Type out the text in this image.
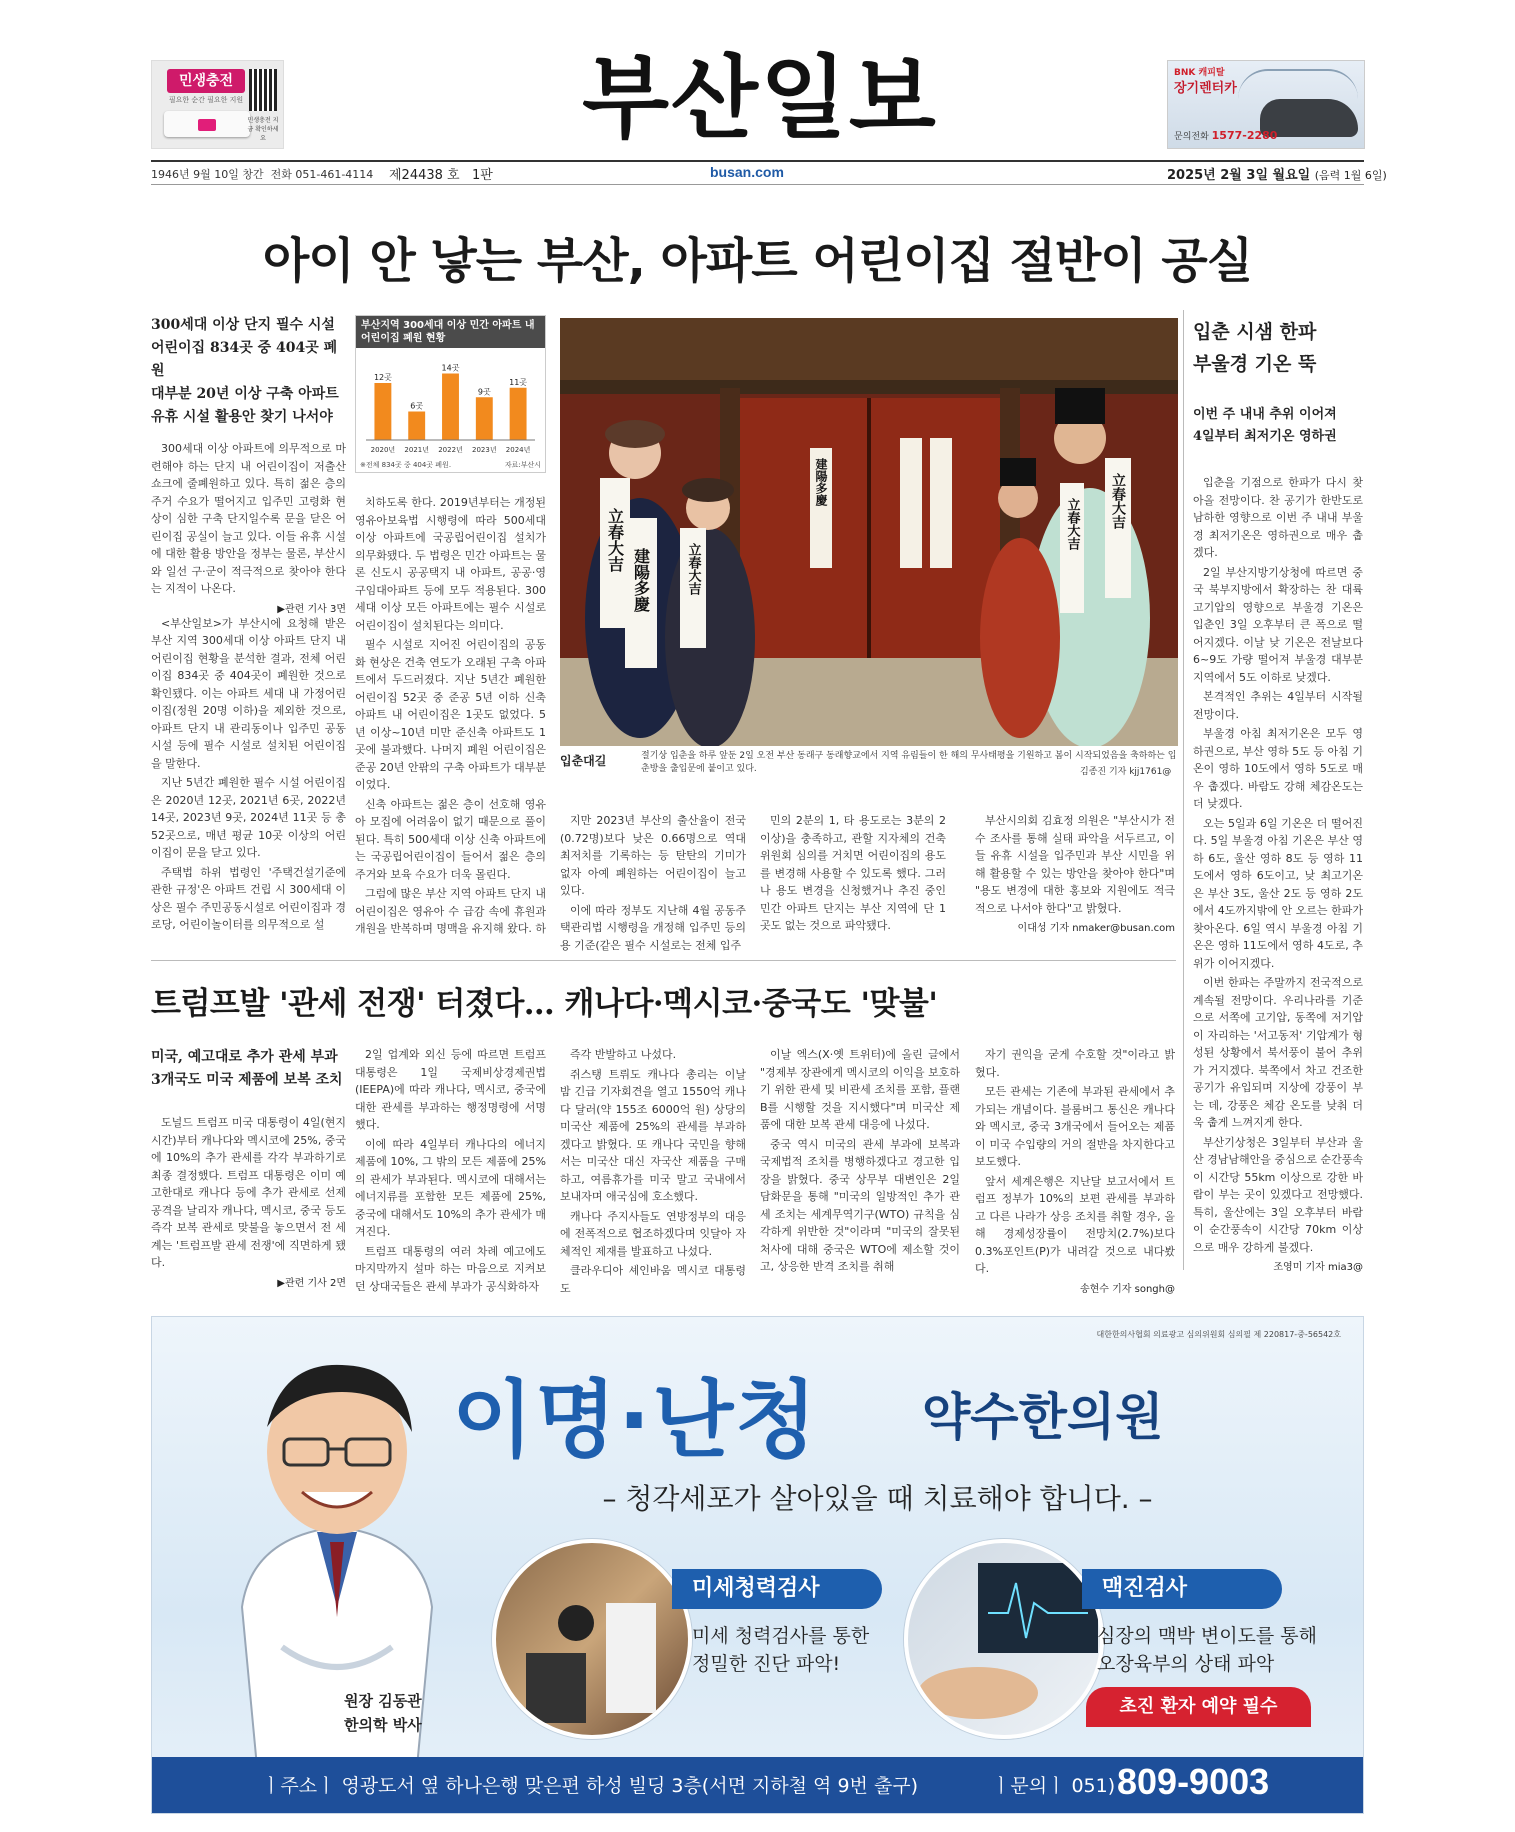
민생충전
필요한 순간 필요한 지원
민생충전 지금 확인하세요	부산일보	BNK 캐피탈
장기렌터카
문의전화 1577-2280
1946년 9월 10일 창간 전화 051-461-4114 제24438 호 1판	busan.com	2025년 2월 3일 월요일 (음력 1월 6일)
아이 안 낳는 부산, 아파트 어린이집 절반이 공실
300세대 이상 단지 필수 시설
어린이집 834곳 중 404곳 폐원
대부분 20년 이상 구축 아파트
유휴 시설 활용안 찾기 나서야
부산지역 300세대 이상 민간 아파트 내 어린이집 폐원 현황
12곳
2020년
6곳
2021년
14곳
2022년
9곳
2023년
11곳
2024년
※전체 834곳 중 404곳 폐원.	자료:부산시

300세대 이상 아파트에 의무적으로 마련해야 하는 단지 내 어린이집이 저출산 쇼크에 줄폐원하고 있다. 특히 젊은 층의 주거 수요가 떨어지고 입주민 고령화 현상이 심한 구축 단지일수록 문을 닫은 어린이집 공실이 늘고 있다. 이들 유휴 시설에 대한 활용 방안을 정부는 물론, 부산시와 일선 구·군이 적극적으로 찾아야 한다는 지적이 나온다.

▶관련 기사 3면

<부산일보>가 부산시에 요청해 받은 부산 지역 300세대 이상 아파트 단지 내 어린이집 현황을 분석한 결과, 전체 어린이집 834곳 중 404곳이 폐원한 것으로 확인됐다. 이는 아파트 세대 내 가정어린이집(정원 20명 이하)을 제외한 것으로, 아파트 단지 내 관리동이나 입주민 공동시설 등에 필수 시설로 설치된 어린이집을 말한다.

지난 5년간 폐원한 필수 시설 어린이집은 2020년 12곳, 2021년 6곳, 2022년 14곳, 2023년 9곳, 2024년 11곳 등 총 52곳으로, 매년 평균 10곳 이상의 어린이집이 문을 닫고 있다.

주택법 하위 법령인 '주택건설기준에 관한 규정'은 아파트 건립 시 300세대 이상은 필수 주민공동시설로 어린이집과 경로당, 어린이놀이터를 의무적으로 설

치하도록 한다. 2019년부터는 개정된 영유아보육법 시행령에 따라 500세대 이상 아파트에 국공립어린이집 설치가 의무화됐다. 두 법령은 민간 아파트는 물론 신도시 공공택지 내 아파트, 공공·영구임대아파트 등에 모두 적용된다. 300세대 이상 모든 아파트에는 필수 시설로 어린이집이 설치된다는 의미다.

필수 시설로 지어진 어린이집의 공동화 현상은 건축 연도가 오래된 구축 아파트에서 두드러졌다. 지난 5년간 폐원한 어린이집 52곳 중 준공 5년 이하 신축 아파트 내 어린이집은 1곳도 없었다. 5년 이상~10년 미만 준신축 아파트도 1곳에 불과했다. 나머지 폐원 어린이집은 준공 20년 안팎의 구축 아파트가 대부분이었다.

신축 아파트는 젊은 층이 선호해 영유아 모집에 어려움이 없기 때문으로 풀이된다. 특히 500세대 이상 신축 아파트에는 국공립어린이집이 들어서 젊은 층의 주거와 보육 수요가 더욱 몰린다.

그럼에 많은 부산 지역 아파트 단지 내 어린이집은 영유아 수 급감 속에 휴원과 개원을 반복하며 명맥을 유지해 왔다. 하

立春大吉
建陽多慶	立春大吉
建陽多慶
立春大吉 立春大吉
입춘대길	절기상 입춘을 하루 앞둔 2일 오전 부산 동래구 동래향교에서 지역 유림들이 한 해의 무사태평을 기원하고 봄이 시작되었음을 축하하는 입춘방을 출입문에 붙이고 있다.	김종진 기자 kjj1761@

지만 2023년 부산의 출산율이 전국(0.72명)보다 낮은 0.66명으로 역대 최저치를 기록하는 등 탄탄의 기미가 없자 아예 폐원하는 어린이집이 늘고 있다.

이에 따라 정부도 지난해 4월 공동주택관리법 시행령을 개정해 입주민 등의 용 기준(같은 필수 시설로는 전체 입주

민의 2분의 1, 타 용도로는 3분의 2 이상)을 충족하고, 관할 지자체의 건축위원회 심의를 거치면 어린이집의 용도를 변경해 사용할 수 있도록 했다. 그러나 용도 변경을 신청했거나 추진 중인 민간 아파트 단지는 부산 지역에 단 1곳도 없는 것으로 파악됐다.

부산시의회 김효정 의원은 "부산시가 전수 조사를 통해 실태 파악을 서두르고, 이들 유휴 시설을 입주민과 부산 시민을 위해 활용할 수 있는 방안을 찾아야 한다"며 "용도 변경에 대한 홍보와 지원에도 적극적으로 나서야 한다"고 밝혔다.

이대성 기자 nmaker@busan.com
입춘 시샘 한파
부울경 기온 뚝
이번 주 내내 추위 이어져
4일부터 최저기온 영하권

입춘을 기점으로 한파가 다시 찾아올 전망이다. 찬 공기가 한반도로 남하한 영향으로 이번 주 내내 부울경 최저기온은 영하권으로 매우 춥겠다.

2일 부산지방기상청에 따르면 중국 북부지방에서 확장하는 찬 대륙고기압의 영향으로 부울경 기온은 입춘인 3일 오후부터 큰 폭으로 떨어지겠다. 이날 낮 기온은 전날보다 6~9도 가량 떨어져 부울경 대부분 지역에서 5도 이하로 낮겠다.

본격적인 추위는 4일부터 시작될 전망이다.

부울경 아침 최저기온은 모두 영하권으로, 부산 영하 5도 등 아침 기온이 영하 10도에서 영하 5도로 매우 춥겠다. 바람도 강해 체감온도는 더 낮겠다.

오는 5일과 6일 기온은 더 떨어진다. 5일 부울경 아침 기온은 부산 영하 6도, 울산 영하 8도 등 영하 11도에서 영하 6도이고, 낮 최고기온은 부산 3도, 울산 2도 등 영하 2도에서 4도까지밖에 안 오르는 한파가 찾아온다. 6일 역시 부울경 아침 기온은 영하 11도에서 영하 4도로, 추위가 이어지겠다.

이번 한파는 주말까지 전국적으로 계속될 전망이다. 우리나라를 기준으로 서쪽에 고기압, 동쪽에 저기압이 자리하는 '서고동저' 기압계가 형성된 상황에서 북서풍이 불어 추위가 거지겠다. 북쪽에서 차고 건조한 공기가 유입되며 지상에 강풍이 부는 데, 강풍은 체감 온도를 낮춰 더욱 춥게 느껴지게 한다.

부산기상청은 3일부터 부산과 울산 경남남해안을 중심으로 순간풍속이 시간당 55km 이상으로 강한 바람이 부는 곳이 있겠다고 전망했다. 특히, 울산에는 3일 오후부터 바람이 순간풍속이 시간당 70km 이상으로 매우 강하게 불겠다.

조영미 기자 mia3@
트럼프발 '관세 전쟁' 터졌다… 캐나다·멕시코·중국도 '맞불'
미국, 예고대로 추가 관세 부과
3개국도 미국 제품에 보복 조치

도널드 트럼프 미국 대통령이 4일(현지 시간)부터 캐나다와 멕시코에 25%, 중국에 10%의 추가 관세를 각각 부과하기로 최종 결정했다. 트럼프 대통령은 이미 예고한대로 캐나다 등에 추가 관세로 선제 공격을 날리자 캐나다, 멕시코, 중국 등도 즉각 보복 관세로 맞불을 놓으면서 전 세계는 '트럼프발 관세 전쟁'에 직면하게 됐다.

▶관련 기사 2면

2일 업계와 외신 등에 따르면 트럼프 대통령은 1일 국제비상경제권법(IEEPA)에 따라 캐나다, 멕시코, 중국에 대한 관세를 부과하는 행정명령에 서명했다.

이에 따라 4일부터 캐나다의 에너지 제품에 10%, 그 밖의 모든 제품에 25%의 관세가 부과된다. 멕시코에 대해서는 에너지류를 포함한 모든 제품에 25%, 중국에 대해서도 10%의 추가 관세가 매겨진다.

트럼프 대통령의 여러 차례 예고에도 마지막까지 설마 하는 마음으로 지켜보던 상대국들은 관세 부과가 공식화하자

즉각 반발하고 나섰다.

쥐스탱 트뤼도 캐나다 총리는 이날 밤 긴급 기자회견을 열고 1550억 캐나다 달러(약 155조 6000억 원) 상당의 미국산 제품에 25%의 관세를 부과하겠다고 밝혔다. 또 캐나다 국민을 향해서는 미국산 대신 자국산 제품을 구매하고, 여름휴가를 미국 말고 국내에서 보내자며 애국심에 호소했다.

캐나다 주지사들도 연방정부의 대응에 전폭적으로 협조하겠다며 잇달아 자체적인 제재를 발표하고 나섰다.

클라우디아 셰인바움 멕시코 대통령도

이날 엑스(X·옛 트위터)에 올린 글에서 "경제부 장관에게 멕시코의 이익을 보호하기 위한 관세 및 비관세 조치를 포함, 플랜B를 시행할 것을 지시했다"며 미국산 제품에 대한 보복 관세 대응에 나섰다.

중국 역시 미국의 관세 부과에 보복과 국제법적 조치를 병행하겠다고 경고한 입장을 밝혔다. 중국 상무부 대변인은 2일 담화문을 통해 "미국의 일방적인 추가 관세 조치는 세계무역기구(WTO) 규칙을 심각하게 위반한 것"이라며 "미국의 잘못된 처사에 대해 중국은 WTO에 제소할 것이고, 상응한 반격 조치를 취해

자기 권익을 굳게 수호할 것"이라고 밝혔다.

모든 관세는 기존에 부과된 관세에서 추가되는 개념이다. 블룸버그 통신은 캐나다와 멕시코, 중국 3개국에서 들어오는 제품이 미국 수입량의 거의 절반을 차지한다고 보도했다.

앞서 세계은행은 지난달 보고서에서 트럼프 정부가 10%의 보편 관세를 부과하고 다른 나라가 상응 조치를 취할 경우, 올해 경제성장률이 전망치(2.7%)보다 0.3%포인트(P)가 내려갈 것으로 내다봤다.

송현수 기자 songh@
대한한의사협회 의료광고 심의위원회 심의필 제 220817-중-56542호
원장 김동관
한의학 박사
이명·난청 약수한의원
– 청각세포가 살아있을 때 치료해야 합니다. –
미세청력검사
미세 청력검사를 통한
정밀한 진단 파악!
맥진검사
심장의 맥박 변이도를 통해
오장육부의 상태 파악
초진 환자 예약 필수
ㅣ주소ㅣ 영광도서 옆 하나은행 맞은편 하성 빌딩 3층(서면 지하철 역 9번 출구)	ㅣ문의ㅣ 051) 809-9003
